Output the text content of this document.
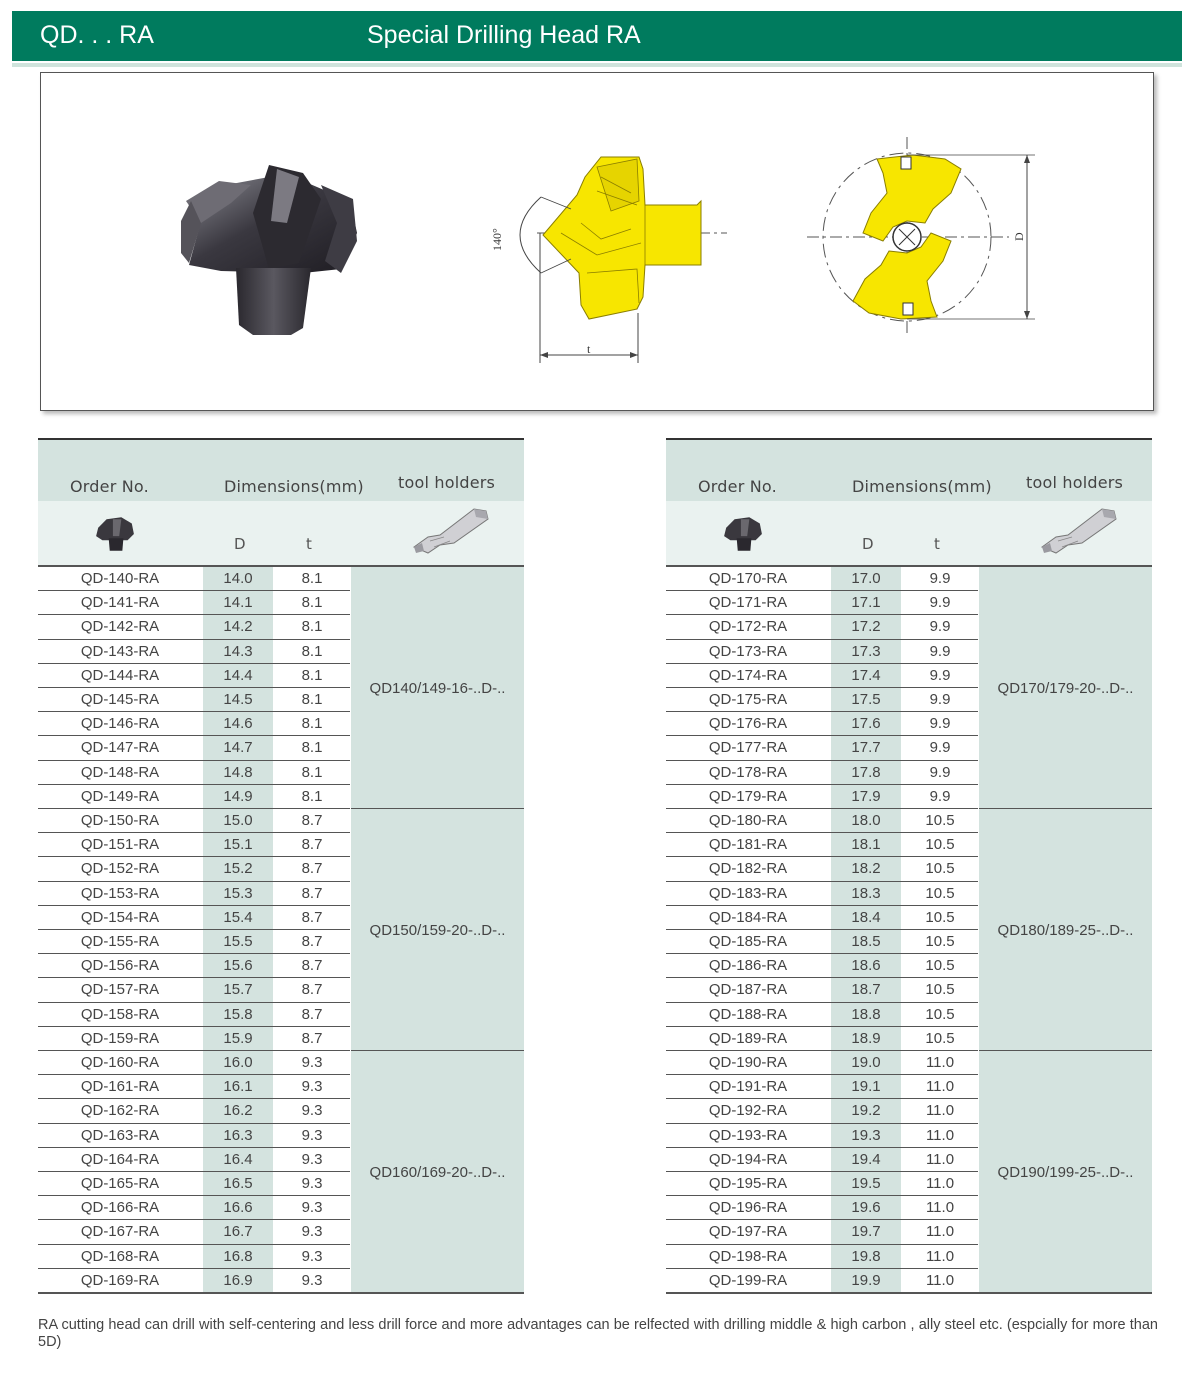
QD. . . RA	Special Drilling Head RA
140°
t
D
Order No.	Dimensions(mm) tool holders
D	t
QD-140-RA	14.0	8.1
QD-141-RA	14.1	8.1
QD-142-RA	14.2	8.1
QD-143-RA	14.3	8.1
QD-144-RA	14.4	8.1
QD-145-RA	14.5	8.1
QD-146-RA	14.6	8.1
QD-147-RA	14.7	8.1
QD-148-RA	14.8	8.1
QD-149-RA	14.9	8.1
QD140/149-16-..D-..
QD-150-RA	15.0	8.7
QD-151-RA	15.1	8.7
QD-152-RA	15.2	8.7
QD-153-RA	15.3	8.7
QD-154-RA	15.4	8.7
QD-155-RA	15.5	8.7
QD-156-RA	15.6	8.7
QD-157-RA	15.7	8.7
QD-158-RA	15.8	8.7
QD-159-RA	15.9	8.7
QD150/159-20-..D-..
QD-160-RA	16.0	9.3
QD-161-RA	16.1	9.3
QD-162-RA	16.2	9.3
QD-163-RA	16.3	9.3
QD-164-RA	16.4	9.3
QD-165-RA	16.5	9.3
QD-166-RA	16.6	9.3
QD-167-RA	16.7	9.3
QD-168-RA	16.8	9.3
QD-169-RA	16.9	9.3
QD160/169-20-..D-..
Order No.	Dimensions(mm) tool holders
D	t
QD-170-RA	17.0	9.9
QD-171-RA	17.1	9.9
QD-172-RA	17.2	9.9
QD-173-RA	17.3	9.9
QD-174-RA	17.4	9.9
QD-175-RA	17.5	9.9
QD-176-RA	17.6	9.9
QD-177-RA	17.7	9.9
QD-178-RA	17.8	9.9
QD-179-RA	17.9	9.9
QD170/179-20-..D-..
QD-180-RA	18.0	10.5
QD-181-RA	18.1	10.5
QD-182-RA	18.2	10.5
QD-183-RA	18.3	10.5
QD-184-RA	18.4	10.5
QD-185-RA	18.5	10.5
QD-186-RA	18.6	10.5
QD-187-RA	18.7	10.5
QD-188-RA	18.8	10.5
QD-189-RA	18.9	10.5
QD180/189-25-..D-..
QD-190-RA	19.0	11.0
QD-191-RA	19.1	11.0
QD-192-RA	19.2	11.0
QD-193-RA	19.3	11.0
QD-194-RA	19.4	11.0
QD-195-RA	19.5	11.0
QD-196-RA	19.6	11.0
QD-197-RA	19.7	11.0
QD-198-RA	19.8	11.0
QD-199-RA	19.9	11.0
QD190/199-25-..D-..
RA cutting head can drill with self-centering and less drill force and more advantages can be relfected with drilling middle & high carbon , ally steel etc. (espcially for more than 5D)
